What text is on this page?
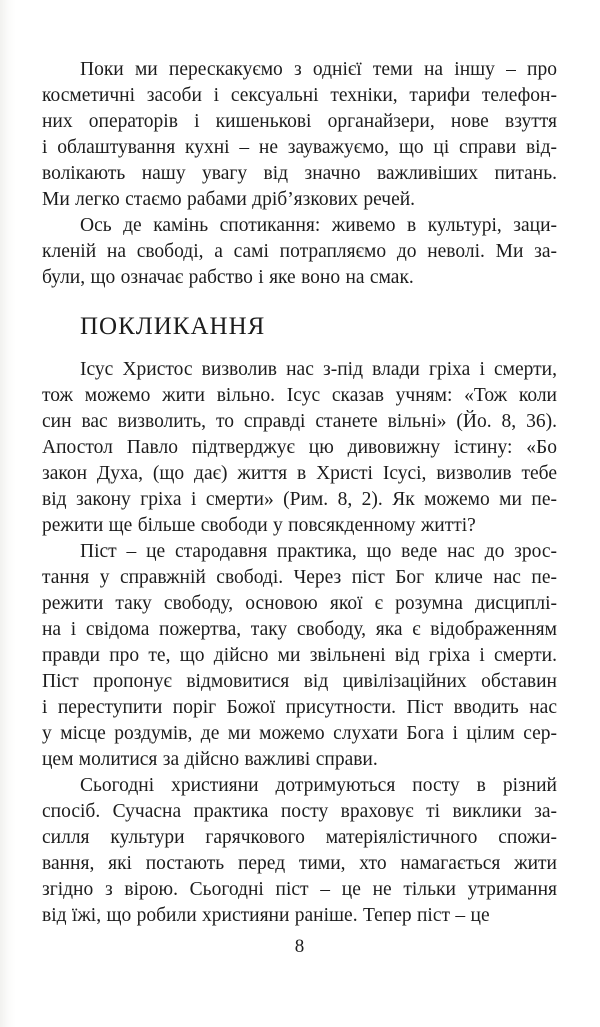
Поки ми перескакуємо з однієї теми на іншу – про
косметичні засоби і сексуальні техніки, тарифи телефон-
них операторів і кишенькові органайзери, нове взуття
і облаштування кухні – не зауважуємо, що ці справи від-
волікають нашу увагу від значно важливіших питань.
Ми легко стаємо рабами дріб’язкових речей.
Ось де камінь спотикання: живемо в культурі, заци-
кленій на свободі, а самі потрапляємо до неволі. Ми за-
були, що означає рабство і яке воно на смак.
ПОКЛИКАННЯ
Ісус Христос визволив нас з-під влади гріха і смерти,
тож можемо жити вільно. Ісус сказав учням: «Тож коли
син вас визволить, то справді станете вільні» (Йо. 8, 36).
Апостол Павло підтверджує цю дивовижну істину: «Бо
закон Духа, (що дає) життя в Христі Ісусі, визволив тебе
від закону гріха і смерти» (Рим. 8, 2). Як можемо ми пе-
режити ще більше свободи у повсякденному житті?
Піст – це стародавня практика, що веде нас до зрос-
тання у справжній свободі. Через піст Бог кличе нас пе-
режити таку свободу, основою якої є розумна дисциплі-
на і свідома пожертва, таку свободу, яка є відображенням
правди про те, що дійсно ми звільнені від гріха і смерти.
Піст пропонує відмовитися від цивілізаційних обставин
і переступити поріг Божої присутности. Піст вводить нас
у місце роздумів, де ми можемо слухати Бога і цілим сер-
цем молитися за дійсно важливі справи.
Сьогодні християни дотримуються посту в різний
спосіб. Сучасна практика посту враховує ті виклики за-
силля культури гарячкового матеріялістичного спожи-
вання, які постають перед тими, хто намагається жити
згідно з вірою. Сьогодні піст – це не тільки утримання
від їжі, що робили християни раніше. Тепер піст – це
8
